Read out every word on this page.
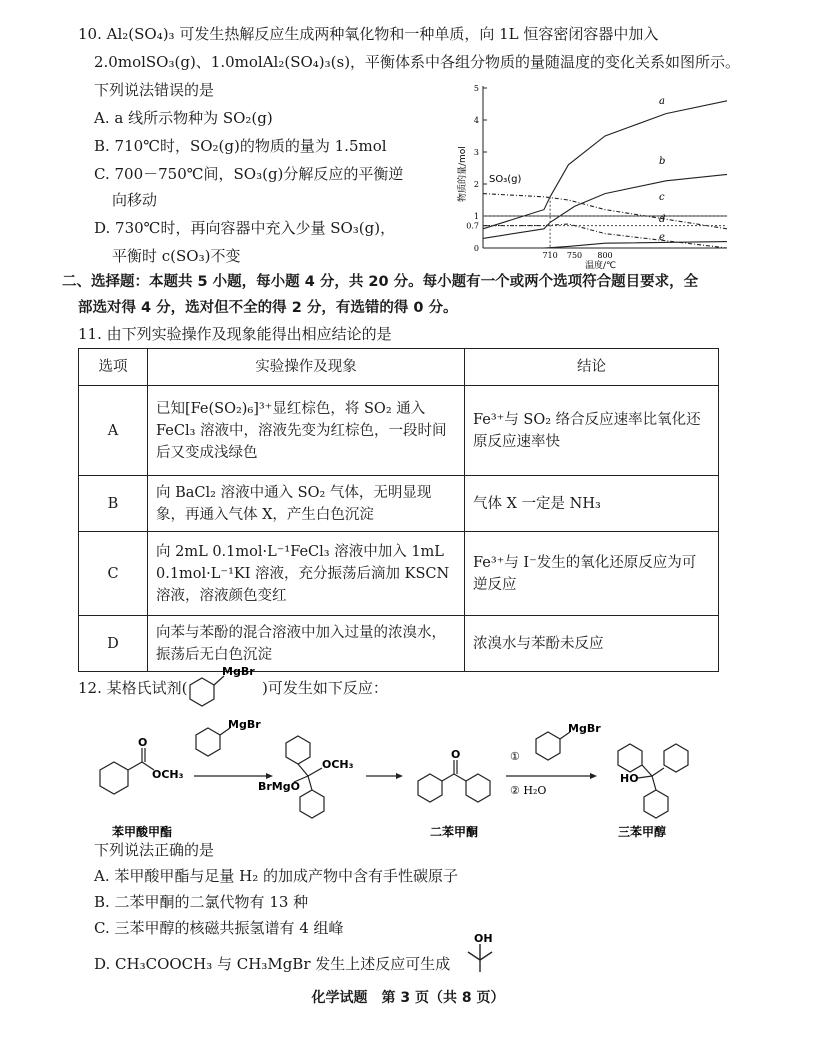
10. Al₂(SO₄)₃ 可发生热解反应生成两种氧化物和一种单质，向 1L 恒容密闭容器中加入
2.0molSO₃(g)、1.0molAl₂(SO₄)₃(s)，平衡体系中各组分物质的量随温度的变化关系如图所示。
下列说法错误的是
A. a 线所示物种为 SO₂(g)
B. 710℃时，SO₂(g)的物质的量为 1.5mol
C. 700－750℃间，SO₃(g)分解反应的平衡逆
向移动
D. 730℃时，再向容器中充入少量 SO₃(g)，
平衡时 c(SO₃)不变	0
0.7
1
2
3
4
5
710 750 800
SO₃(g)
a
b
c
d
e
温度/℃
物质的量/mol
二、选择题：本题共 5 小题，每小题 4 分，共 20 分。每小题有一个或两个选项符合题目要求，全
部选对得 4 分，选对但不全的得 2 分，有选错的得 0 分。
11. 由下列实验操作及现象能得出相应结论的是
选项	实验操作及现象	结论
A	已知[Fe(SO₂)₆]³⁺显红棕色，将 SO₂ 通入 FeCl₃ 溶液中，溶液先变为红棕色，一段时间后又变成浅绿色	Fe³⁺与 SO₂ 络合反应速率比氧化还原反应速率快
B	向 BaCl₂ 溶液中通入 SO₂ 气体，无明显现象，再通入气体 X，产生白色沉淀	气体 X 一定是 NH₃
C	向 2mL 0.1mol·L⁻¹FeCl₃ 溶液中加入 1mL 0.1mol·L⁻¹KI 溶液，充分振荡后滴加 KSCN 溶液，溶液颜色变红	Fe³⁺与 I⁻发生的氧化还原反应为可逆反应
D	向苯与苯酚的混合溶液中加入过量的浓溴水，振荡后无白色沉淀	浓溴水与苯酚未反应
12. 某格氏试剂(
MgBr
)可发生如下反应：
O
OCH₃
MgBr
OCH₃
BrMgO
O	①
MgBr
② H₂O
HO
苯甲酸甲酯	二苯甲酮	三苯甲醇
下列说法正确的是
A. 苯甲酸甲酯与足量 H₂ 的加成产物中含有手性碳原子
B. 二苯甲酮的二氯代物有 13 种
C. 三苯甲醇的核磁共振氢谱有 4 组峰
D. CH₃COOCH₃ 与 CH₃MgBr 发生上述反应可生成
OH
化学试题　第 3 页（共 8 页）
